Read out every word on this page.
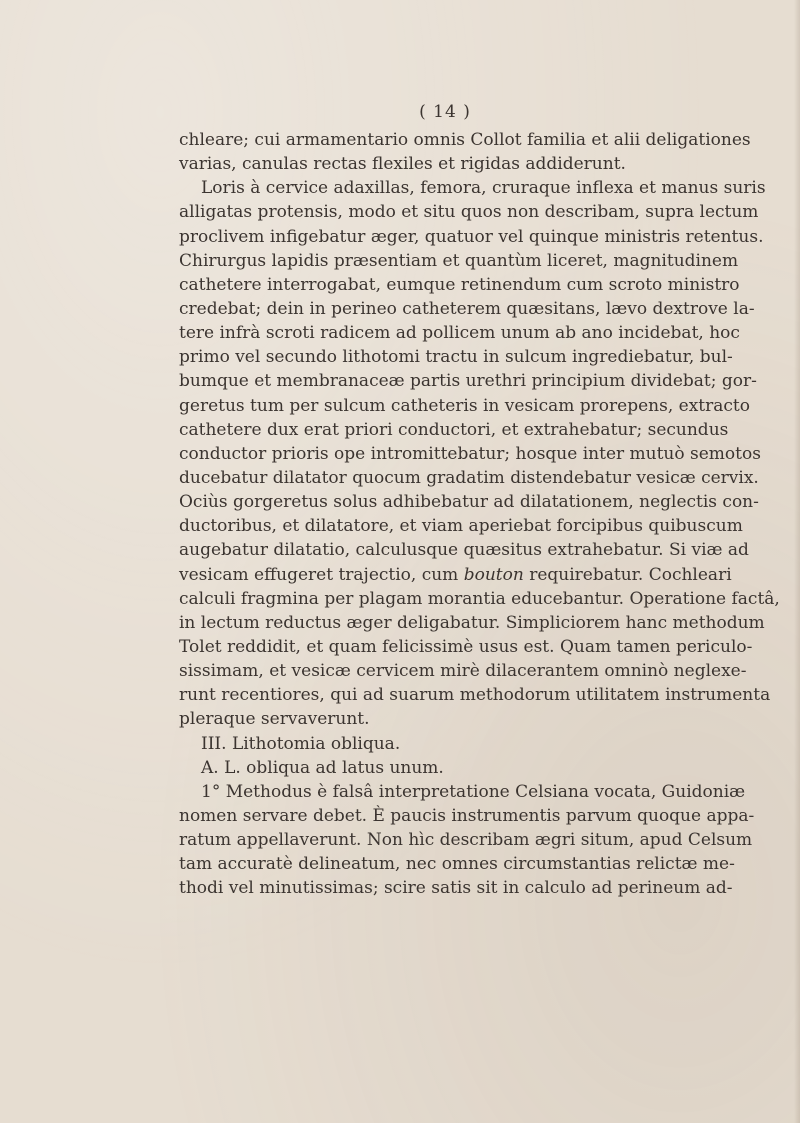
( 14 )
chleare; cui armamentario omnis Collot familia et alii deligationes
varias, canulas rectas flexiles et rigidas addiderunt.
Loris à cervice adaxillas, femora, cruraque inflexa et manus suris
alligatas protensis, modo et situ quos non describam, supra lectum
proclivem infigebatur æger, quatuor vel quinque ministris retentus.
Chirurgus lapidis præsentiam et quantùm liceret, magnitudinem
cathetere interrogabat, eumque retinendum cum scroto ministro
credebat; dein in perineo catheterem quæsitans, lævo dextrove la-
tere infrà scroti radicem ad pollicem unum ab ano incidebat, hoc
primo vel secundo lithotomi tractu in sulcum ingrediebatur, bul-
bumque et membranaceæ partis urethri principium dividebat; gor-
geretus tum per sulcum catheteris in vesicam prorepens, extracto
cathetere dux erat priori conductori, et extrahebatur; secundus
conductor prioris ope intromittebatur; hosque inter mutuò semotos
ducebatur dilatator quocum gradatim distendebatur vesicæ cervix.
Ociùs gorgeretus solus adhibebatur ad dilatationem, neglectis con-
ductoribus, et dilatatore, et viam aperiebat forcipibus quibuscum
augebatur dilatatio, calculusque quæsitus extrahebatur. Si viæ ad
vesicam effugeret trajectio, cum bouton requirebatur. Cochleari
calculi fragmina per plagam morantia educebantur. Operatione factâ,
in lectum reductus æger deligabatur. Simpliciorem hanc methodum
Tolet reddidit, et quam felicissimè usus est. Quam tamen periculo-
sissimam, et vesicæ cervicem mirè dilacerantem omninò neglexe-
runt recentiores, qui ad suarum methodorum utilitatem instrumenta
pleraque servaverunt.
III. Lithotomia obliqua.
A. L. obliqua ad latus unum.
1° Methodus è falsâ interpretatione Celsiana vocata, Guidoniæ
nomen servare debet. È paucis instrumentis parvum quoque appa-
ratum appellaverunt. Non hìc describam ægri situm, apud Celsum
tam accuratè delineatum, nec omnes circumstantias relictæ me-
thodi vel minutissimas; scire satis sit in calculo ad perineum ad-
